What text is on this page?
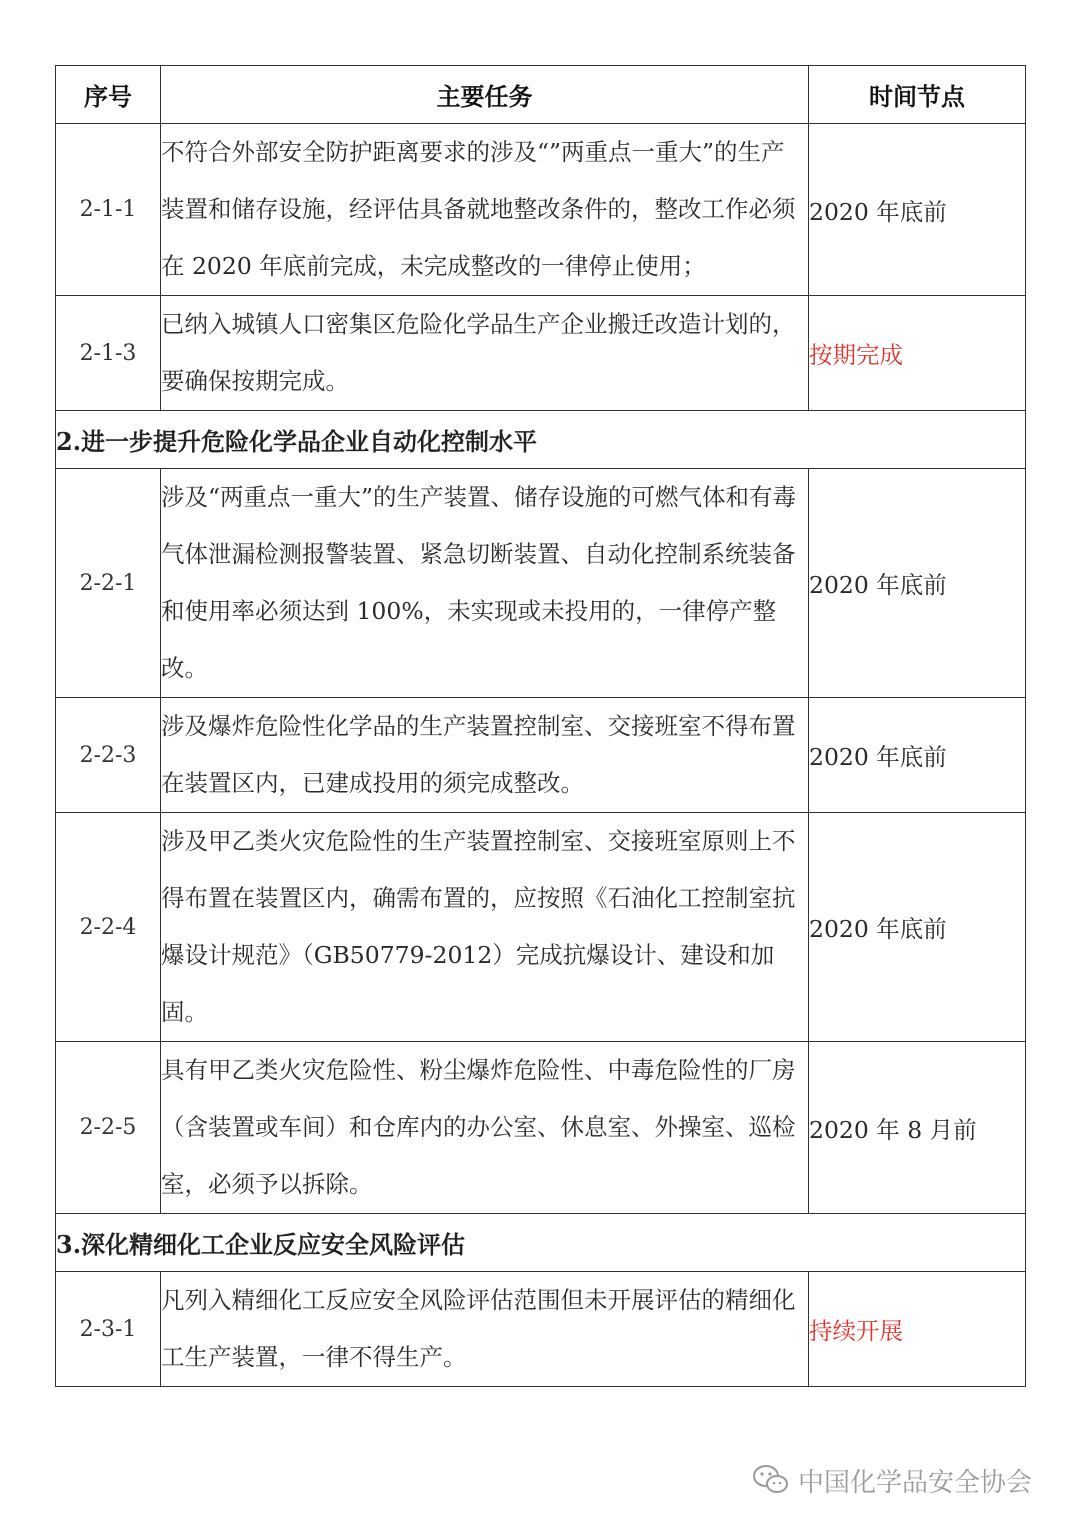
序号	主要任务	时间节点
2-1-1	不符合外部安全防护距离要求的涉及“”两重点一重大”的生产装置和储存设施，经评估具备就地整改条件的，整改工作必须在 2020 年底前完成，未完成整改的一律停止使用；	2020 年底前
2-1-3	已纳入城镇人口密集区危险化学品生产企业搬迁改造计划的，要确保按期完成。	按期完成
2.进一步提升危险化学品企业自动化控制水平		
2-2-1	涉及“两重点一重大”的生产装置、储存设施的可燃气体和有毒气体泄漏检测报警装置、紧急切断装置、自动化控制系统装备和使用率必须达到 100%，未实现或未投用的，一律停产整改。	2020 年底前
2-2-3	涉及爆炸危险性化学品的生产装置控制室、交接班室不得布置在装置区内，已建成投用的须完成整改。	2020 年底前
2-2-4	涉及甲乙类火灾危险性的生产装置控制室、交接班室原则上不得布置在装置区内，确需布置的，应按照《石油化工控制室抗爆设计规范》（GB50779-2012）完成抗爆设计、建设和加固。	2020 年底前
2-2-5	具有甲乙类火灾危险性、粉尘爆炸危险性、中毒危险性的厂房（含装置或车间）和仓库内的办公室、休息室、外操室、巡检室，必须予以拆除。	2020 年 8 月前
3.深化精细化工企业反应安全风险评估		
2-3-1	凡列入精细化工反应安全风险评估范围但未开展评估的精细化工生产装置，一律不得生产。	持续开展
中国化学品安全协会
